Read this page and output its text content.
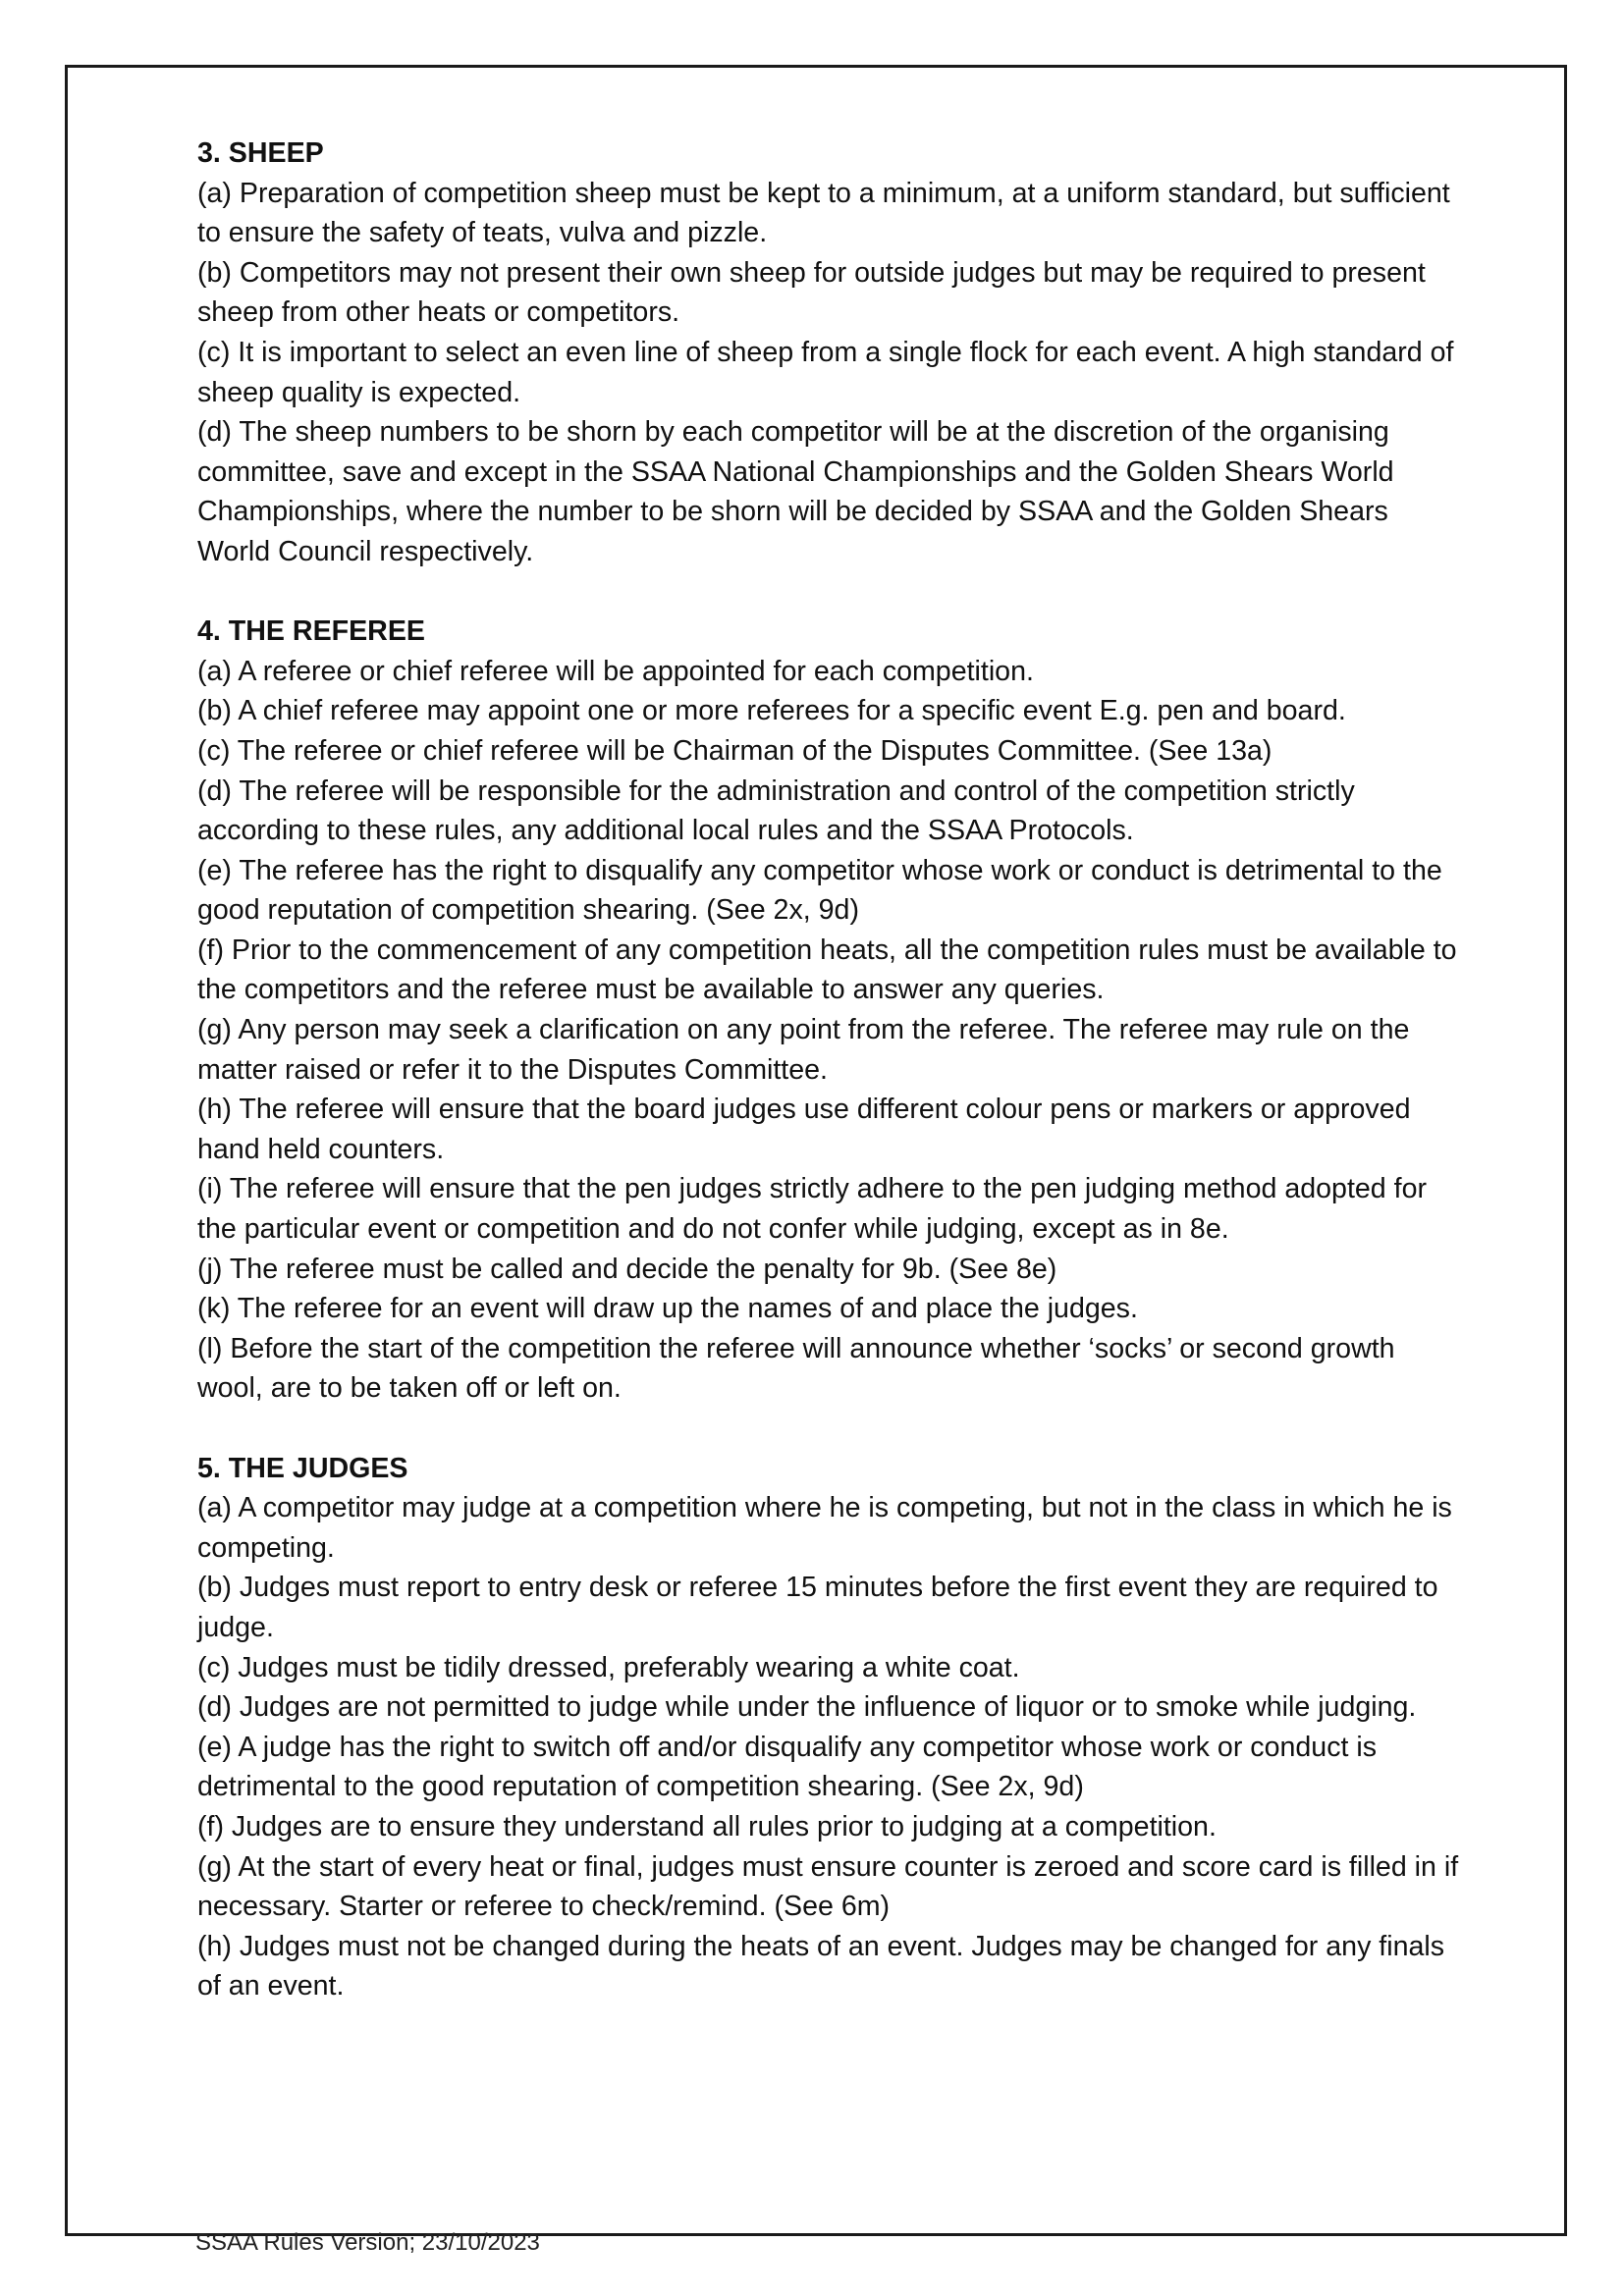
3. SHEEP

(a) Preparation of competition sheep must be kept to a minimum, at a uniform standard, but sufficient to ensure the safety of teats, vulva and pizzle.

(b) Competitors may not present their own sheep for outside judges but may be required to present sheep from other heats or competitors.

(c) It is important to select an even line of sheep from a single flock for each event. A high standard of sheep quality is expected.

(d) The sheep numbers to be shorn by each competitor will be at the discretion of the organising committee, save and except in the SSAA National Championships and the Golden Shears World Championships, where the number to be shorn will be decided by SSAA and the Golden Shears World Council respectively.

4. THE REFEREE

(a) A referee or chief referee will be appointed for each competition.

(b) A chief referee may appoint one or more referees for a specific event E.g. pen and board.

(c) The referee or chief referee will be Chairman of the Disputes Committee. (See 13a)

(d) The referee will be responsible for the administration and control of the competition strictly according to these rules, any additional local rules and the SSAA Protocols.

(e) The referee has the right to disqualify any competitor whose work or conduct is detrimental to the good reputation of competition shearing. (See 2x, 9d)

(f) Prior to the commencement of any competition heats, all the competition rules must be available to the competitors and the referee must be available to answer any queries.

(g) Any person may seek a clarification on any point from the referee. The referee may rule on the matter raised or refer it to the Disputes Committee.

(h) The referee will ensure that the board judges use different colour pens or markers or approved hand held counters.

(i) The referee will ensure that the pen judges strictly adhere to the pen judging method adopted for the particular event or competition and do not confer while judging, except as in 8e.

(j) The referee must be called and decide the penalty for 9b. (See 8e)

(k) The referee for an event will draw up the names of and place the judges.

(l) Before the start of the competition the referee will announce whether ‘socks’ or second growth wool, are to be taken off or left on.

5. THE JUDGES

(a) A competitor may judge at a competition where he is competing, but not in the class in which he is competing.

(b) Judges must report to entry desk or referee 15 minutes before the first event they are required to judge.

(c) Judges must be tidily dressed, preferably wearing a white coat.

(d) Judges are not permitted to judge while under the influence of liquor or to smoke while judging.

(e) A judge has the right to switch off and/or disqualify any competitor whose work or conduct is detrimental to the good reputation of competition shearing. (See 2x, 9d)

(f) Judges are to ensure they understand all rules prior to judging at a competition.

(g) At the start of every heat or final, judges must ensure counter is zeroed and score card is filled in if necessary. Starter or referee to check/remind. (See 6m)

(h) Judges must not be changed during the heats of an event. Judges may be changed for any finals of an event.

SSAA Rules Version; 23/10/2023
